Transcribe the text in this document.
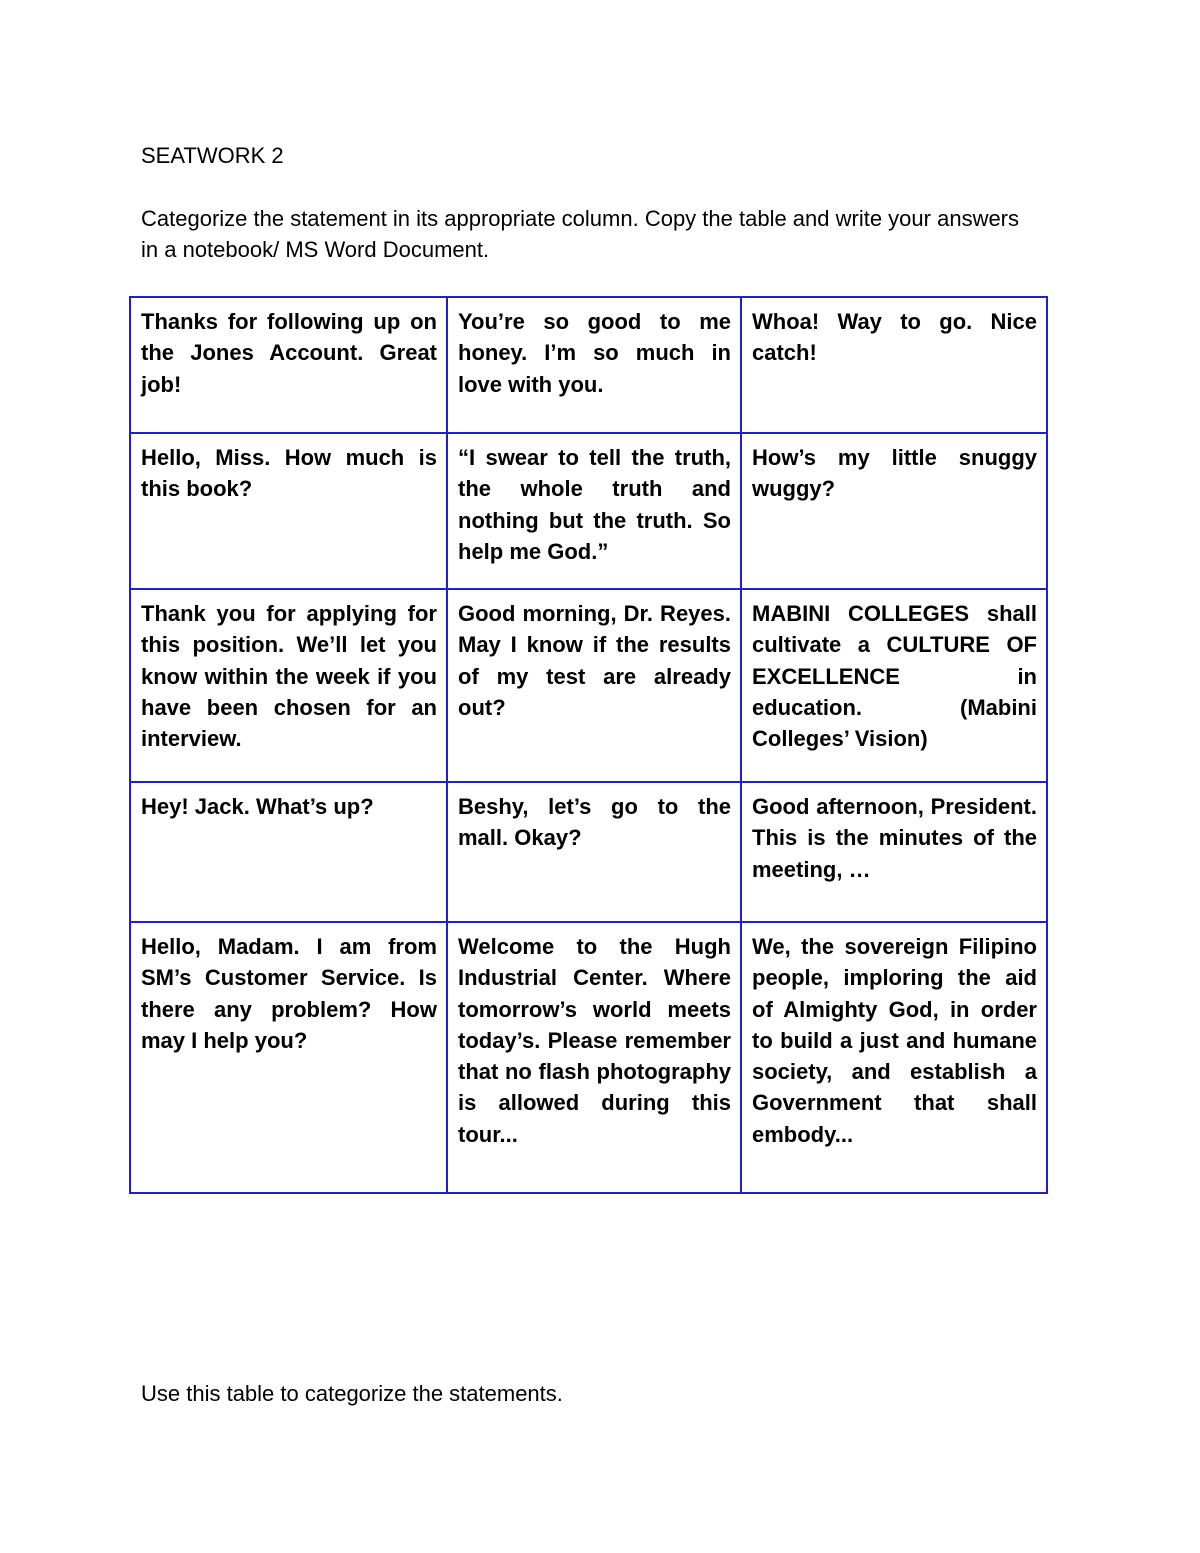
SEATWORK 2
Categorize the statement in its appropriate column. Copy the table and write your answers in a notebook/ MS Word Document.
Thanks for following up on the Jones Account. Great job!
You’re so good to me honey. I’m so much in love with you.
Whoa! Way to go. Nice catch!
Hello, Miss. How much is this book?
“I swear to tell the truth, the whole truth and nothing but the truth. So help me God.”
How’s my little snuggy wuggy?
Thank you for applying for this position. We’ll let you know within the week if you have been chosen for an interview.
Good morning, Dr. Reyes. May I know if the results of my test are already out?
MABINI COLLEGES shall cultivate a CULTURE OF EXCELLENCE in education. (Mabini Colleges’ Vision)
Hey! Jack. What’s up?	Beshy, let’s go to the mall. Okay?
Good afternoon, President. This is the minutes of the meeting, …
Hello, Madam. I am from SM’s Customer Service. Is there any problem? How may I help you?
Welcome to the Hugh Industrial Center. Where tomorrow’s world meets today’s. Please remember that no flash photography is allowed during this tour...
We, the sovereign Filipino people, imploring the aid of Almighty God, in order to build a just and humane society, and establish a Government that shall embody...
Use this table to categorize the statements.
